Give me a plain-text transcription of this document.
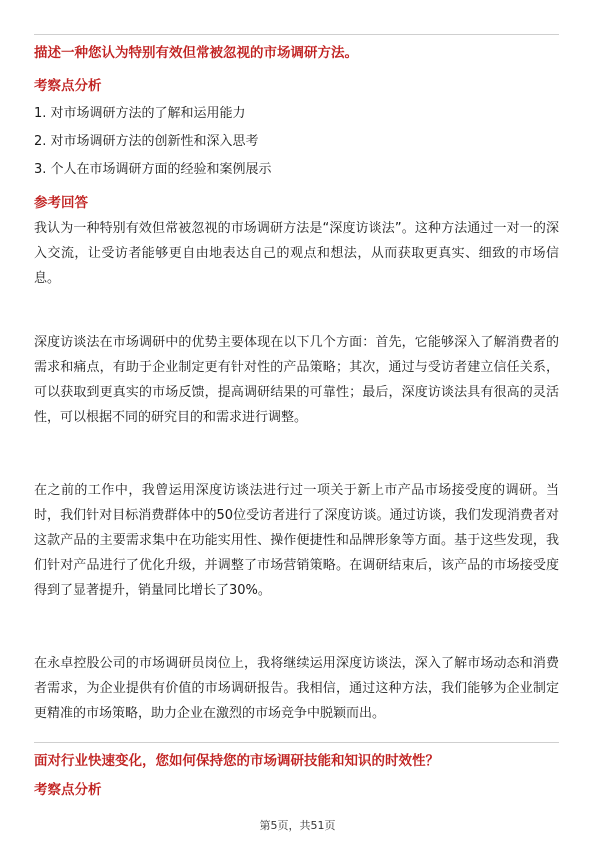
描述一种您认为特别有效但常被忽视的市场调研方法。
考察点分析
1. 对市场调研方法的了解和运用能力
2. 对市场调研方法的创新性和深入思考
3. 个人在市场调研方面的经验和案例展示
参考回答
我认为一种特别有效但常被忽视的市场调研方法是“深度访谈法”。这种方法通过一对一的深入交流，让受访者能够更自由地表达自己的观点和想法，从而获取更真实、细致的市场信息。
深度访谈法在市场调研中的优势主要体现在以下几个方面：首先，它能够深入了解消费者的需求和痛点，有助于企业制定更有针对性的产品策略；其次，通过与受访者建立信任关系，可以获取到更真实的市场反馈，提高调研结果的可靠性；最后，深度访谈法具有很高的灵活性，可以根据不同的研究目的和需求进行调整。
在之前的工作中，我曾运用深度访谈法进行过一项关于新上市产品市场接受度的调研。当时，我们针对目标消费群体中的50位受访者进行了深度访谈。通过访谈，我们发现消费者对这款产品的主要需求集中在功能实用性、操作便捷性和品牌形象等方面。基于这些发现，我们针对产品进行了优化升级，并调整了市场营销策略。在调研结束后，该产品的市场接受度得到了显著提升，销量同比增长了30%。
在永卓控股公司的市场调研员岗位上，我将继续运用深度访谈法，深入了解市场动态和消费者需求，为企业提供有价值的市场调研报告。我相信，通过这种方法，我们能够为企业制定更精准的市场策略，助力企业在激烈的市场竞争中脱颖而出。
面对行业快速变化，您如何保持您的市场调研技能和知识的时效性？
考察点分析
第5页，共51页
